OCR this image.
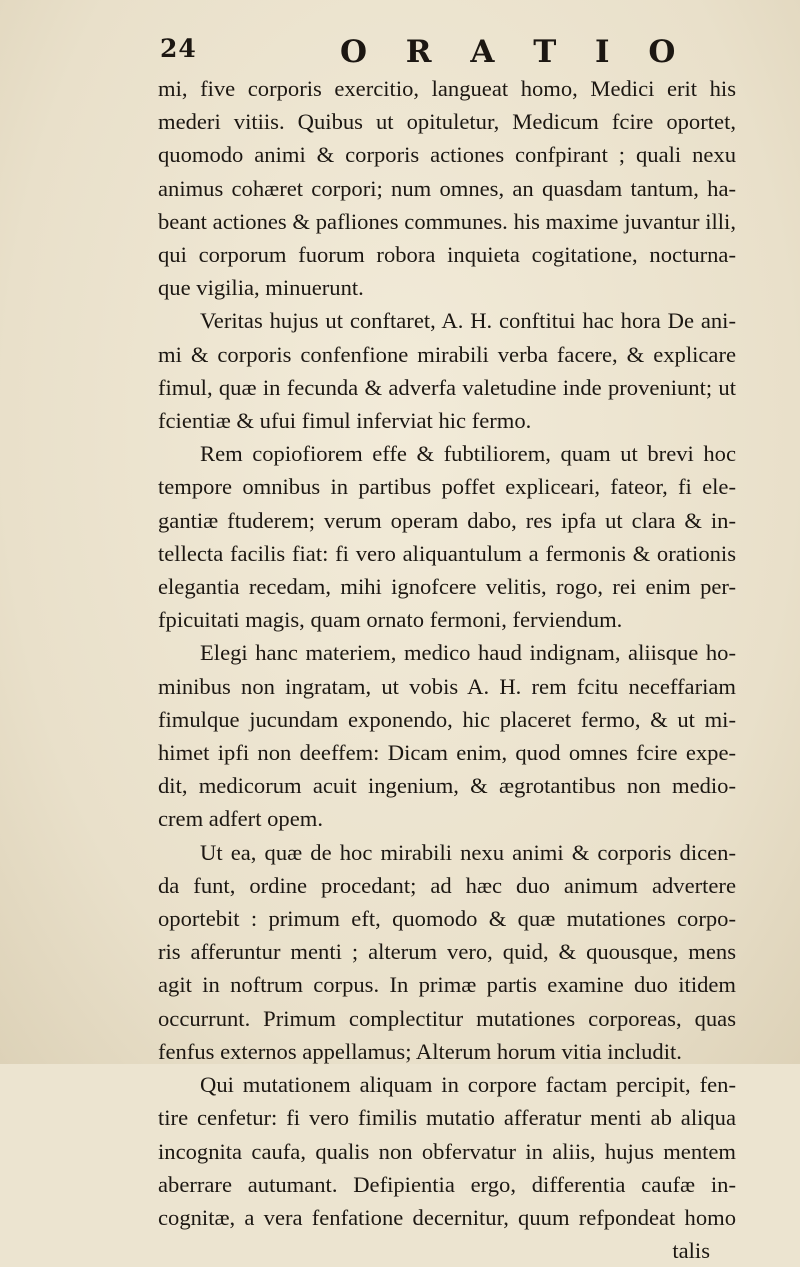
24	O R A T I O
mi, five corporis exercitio, langueat homo, Medici erit his
mederi vitiis. Quibus ut opituletur, Medicum fcire oportet,
quomodo animi & corporis actiones confpirant ; quali nexu
animus cohæret corpori; num omnes, an quasdam tantum, ha-
beant actiones & pafliones communes. his maxime juvantur illi,
qui corporum fuorum robora inquieta cogitatione, nocturna-
que vigilia, minuerunt.
Veritas hujus ut conftaret, A. H. conftitui hac hora De ani-
mi & corporis confenfione mirabili verba facere, & explicare
fimul, quæ in fecunda & adverfa valetudine inde proveniunt; ut
fcientiæ & ufui fimul inferviat hic fermo.
Rem copiofiorem effe & fubtiliorem, quam ut brevi hoc
tempore omnibus in partibus poffet expliceari, fateor, fi ele-
gantiæ ftuderem; verum operam dabo, res ipfa ut clara & in-
tellecta facilis fiat: fi vero aliquantulum a fermonis & orationis
elegantia recedam, mihi ignofcere velitis, rogo, rei enim per-
fpicuitati magis, quam ornato fermoni, ferviendum.
Elegi hanc materiem, medico haud indignam, aliisque ho-
minibus non ingratam, ut vobis A. H. rem fcitu neceffariam
fimulque jucundam exponendo, hic placeret fermo, & ut mi-
himet ipfi non deeffem: Dicam enim, quod omnes fcire expe-
dit, medicorum acuit ingenium, & ægrotantibus non medio-
crem adfert opem.
Ut ea, quæ de hoc mirabili nexu animi & corporis dicen-
da funt, ordine procedant; ad hæc duo animum advertere
oportebit : primum eft, quomodo & quæ mutationes corpo-
ris afferuntur menti ; alterum vero, quid, & quousque, mens
agit in noftrum corpus. In primæ partis examine duo itidem
occurrunt. Primum complectitur mutationes corporeas, quas
fenfus externos appellamus; Alterum horum vitia includit.
Qui mutationem aliquam in corpore factam percipit, fen-
tire cenfetur: fi vero fimilis mutatio afferatur menti ab aliqua
incognita caufa, qualis non obfervatur in aliis, hujus mentem
aberrare autumant. Defipientia ergo, differentia caufæ in-
cognitæ, a vera fenfatione decernitur, quum refpondeat homo
talis
